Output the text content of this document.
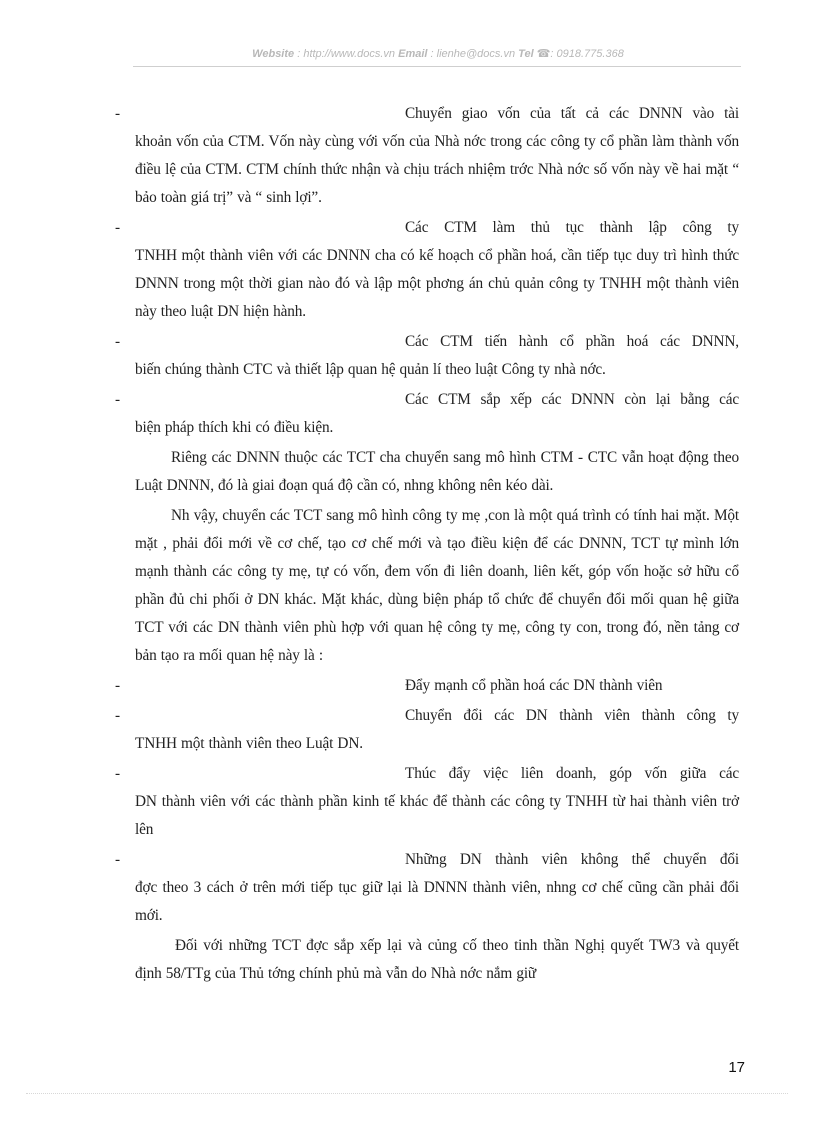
Website : http://www.docs.vn Email : lienhe@docs.vn Tel ☎: 0918.775.368
-	Chuyển giao vốn của tất cả các DNNN vào tài
khoản vốn của CTM. Vốn này cùng với vốn của Nhà nớc trong các công ty cổ phần làm thành vốn điều lệ của CTM. CTM chính thức nhận và chịu trách nhiệm trớc Nhà nớc số vốn này về hai mặt “ bảo toàn giá trị” và “ sinh lợi”.
-	Các CTM làm thủ tục thành lập công ty
TNHH một thành viên với các DNNN cha có kế hoạch cổ phần hoá, cần tiếp tục duy trì hình thức DNNN trong một thời gian nào đó và lập một phơng án chủ quản công ty TNHH một thành viên này theo luật DN hiện hành.
-	Các CTM tiến hành cổ phần hoá các DNNN,
biến chúng thành CTC và thiết lập quan hệ quản lí theo luật Công ty nhà nớc.
-	Các CTM sắp xếp các DNNN còn lại bằng các
biện pháp thích khi có điều kiện.

Riêng các DNNN thuộc các TCT cha chuyển sang mô hình CTM - CTC vẫn hoạt động theo Luật DNNN, đó là giai đoạn quá độ cần có, nhng không nên kéo dài.

Nh vậy, chuyển các TCT sang mô hình công ty mẹ ,con là một quá trình có tính hai mặt. Một mặt , phải đổi mới về cơ chế, tạo cơ chế mới và tạo điều kiện để các DNNN, TCT tự mình lớn mạnh thành các công ty mẹ, tự có vốn, đem vốn đi liên doanh, liên kết, góp vốn hoặc sở hữu cổ phần đủ chi phối ở DN khác. Mặt khác, dùng biện pháp tổ chức để chuyển đổi mối quan hệ giữa TCT với các DN thành viên phù hợp với quan hệ công ty mẹ, công ty con, trong đó, nền tảng cơ bản tạo ra mối quan hệ này là :

-	Đẩy mạnh cổ phần hoá các DN thành viên
-	Chuyển đổi các DN thành viên thành công ty
TNHH một thành viên theo Luật DN.
-	Thúc đẩy việc liên doanh, góp vốn giữa các
DN thành viên với các thành phần kinh tế khác để thành các công ty TNHH từ hai thành viên trở lên
-	Những DN thành viên không thể chuyển đổi
đợc theo 3 cách ở trên mới tiếp tục giữ lại là DNNN thành viên, nhng cơ chế cũng cần phải đổi mới.

Đối với những TCT đợc sắp xếp lại và củng cố theo tinh thần Nghị quyết TW3 và quyết định 58/TTg của Thủ tớng chính phủ mà vẫn do Nhà nớc nắm giữ

17
